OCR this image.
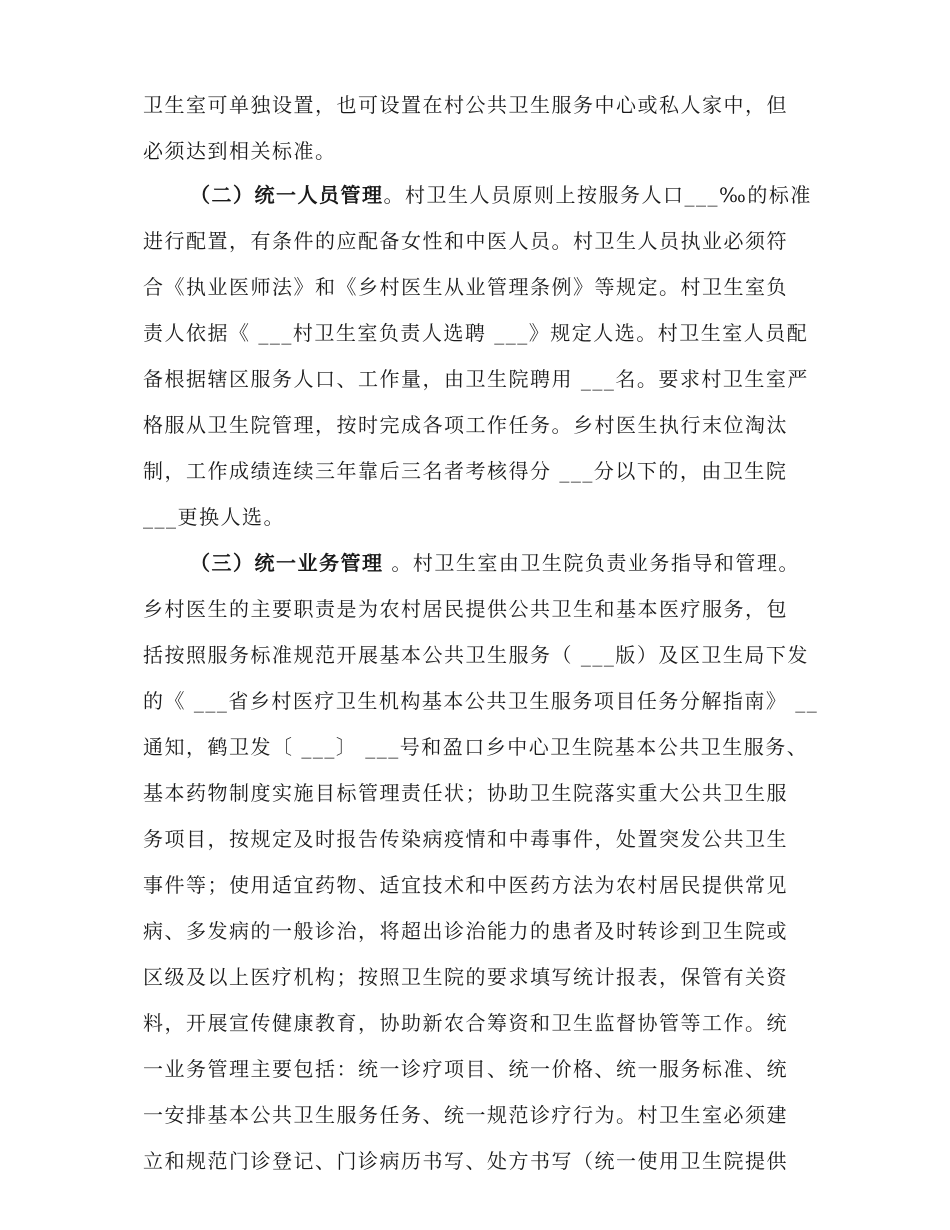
卫生室可单独设置，也可设置在村公共卫生服务中心或私人家中，但
必须达到相关标准。
（二）统一人员管理。村卫生人员原则上按服务人口___‰的标准
进行配置，有条件的应配备女性和中医人员。村卫生人员执业必须符
合《执业医师法》和《乡村医生从业管理条例》等规定。村卫生室负
责人依据《 ___村卫生室负责人选聘 ___》规定人选。村卫生室人员配
备根据辖区服务人口、工作量，由卫生院聘用 ___名。要求村卫生室严
格服从卫生院管理，按时完成各项工作任务。乡村医生执行末位淘汰
制，工作成绩连续三年靠后三名者考核得分 ___分以下的，由卫生院
___更换人选。
（三）统一业务管理 。村卫生室由卫生院负责业务指导和管理。
乡村医生的主要职责是为农村居民提供公共卫生和基本医疗服务，包
括按照服务标准规范开展基本公共卫生服务（ ___版）及区卫生局下发
的《 ___省乡村医疗卫生机构基本公共卫生服务项目任务分解指南》 __
通知，鹤卫发〔 ___〕 ___号和盈口乡中心卫生院基本公共卫生服务、
基本药物制度实施目标管理责任状；协助卫生院落实重大公共卫生服
务项目，按规定及时报告传染病疫情和中毒事件，处置突发公共卫生
事件等；使用适宜药物、适宜技术和中医药方法为农村居民提供常见
病、多发病的一般诊治，将超出诊治能力的患者及时转诊到卫生院或
区级及以上医疗机构；按照卫生院的要求填写统计报表，保管有关资
料，开展宣传健康教育，协助新农合筹资和卫生监督协管等工作。统
一业务管理主要包括：统一诊疗项目、统一价格、统一服务标准、统
一安排基本公共卫生服务任务、统一规范诊疗行为。村卫生室必须建
立和规范门诊登记、门诊病历书写、处方书写（统一使用卫生院提供
